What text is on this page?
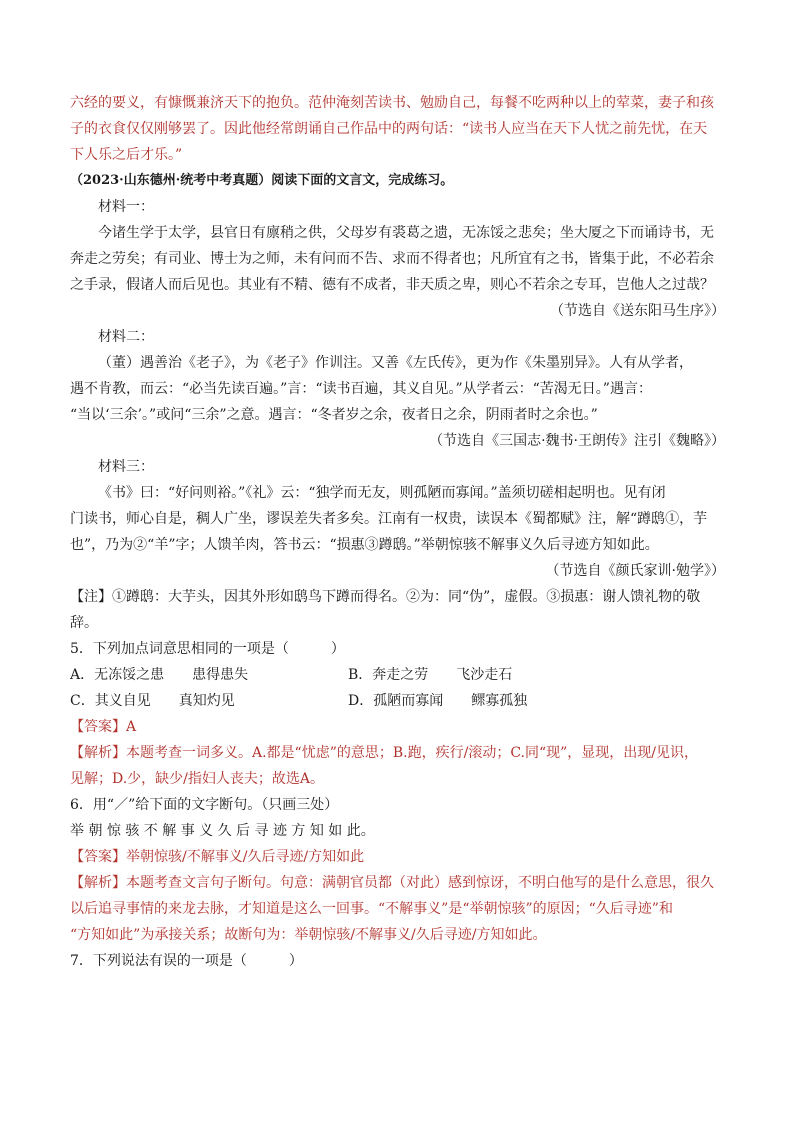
六经的要义，有慷慨兼济天下的抱负。范仲淹刻苦读书、勉励自己，每餐不吃两种以上的荤菜，妻子和孩
子的衣食仅仅刚够罢了。因此他经常朗诵自己作品中的两句话：“读书人应当在天下人忧之前先忧，在天
下人乐之后才乐。”
（2023·山东德州·统考中考真题）阅读下面的文言文，完成练习。
材料一：
今诸生学于太学，县官日有廪稍之供，父母岁有裘葛之遗，无冻馁之悲矣；坐大厦之下而诵诗书，无
奔走之劳矣；有司业、博士为之师，未有问而不告、求而不得者也；凡所宜有之书，皆集于此，不必若余
之手录，假诸人而后见也。其业有不精、德有不成者，非天质之卑，则心不若余之专耳，岂他人之过哉？
（节选自《送东阳马生序》）
材料二：
（董）遇善治《老子》，为《老子》作训注。又善《左氏传》，更为作《朱墨别异》。人有从学者，
遇不肯教，而云：“必当先读百遍。”言：“读书百遍，其义自见。”从学者云：“苦渴无日。”遇言：
“当以‘三余’。”或问“三余”之意。遇言：“冬者岁之余，夜者日之余，阴雨者时之余也。”
（节选自《三国志·魏书·王朗传》注引《魏略》）
材料三：
《书》曰：“好问则裕。”《礼》云：“独学而无友，则孤陋而寡闻。”盖须切磋相起明也。见有闭
门读书，师心自是，稠人广坐，谬误差失者多矣。江南有一权贵，读误本《蜀都赋》注，解“蹲鸱①，芋
也”，乃为②“羊”字；人馈羊肉，答书云：“损惠③蹲鸱。”举朝惊骇不解事义久后寻迹方知如此。
（节选自《颜氏家训·勉学》）
【注】①蹲鸱：大芋头，因其外形如鸱鸟下蹲而得名。②为：同“伪”，虚假。③损惠：谢人馈礼物的敬
辞。
5．下列加点词意思相同的一项是（　　　）
A．无冻馁之患　　患得患失	B．奔走之劳　　飞沙走石
C．其义自见　　真知灼见	D．孤陋而寡闻　　鳏寡孤独
【答案】A
【解析】本题考查一词多义。A.都是“忧虑”的意思；B.跑，疾行/滚动；C.同“现”，显现，出现/见识，
见解；D.少，缺少/指妇人丧夫；故选A。
6．用“／”给下面的文字断句。（只画三处）
举 朝 惊 骇 不 解 事 义 久 后 寻 迹 方 知 如 此。
【答案】举朝惊骇/不解事义/久后寻迹/方知如此
【解析】本题考查文言句子断句。句意：满朝官员都（对此）感到惊讶，不明白他写的是什么意思，很久
以后追寻事情的来龙去脉，才知道是这么一回事。“不解事义”是“举朝惊骇”的原因；“久后寻迹”和
“方知如此”为承接关系；故断句为：举朝惊骇/不解事义/久后寻迹/方知如此。
7．下列说法有误的一项是（　　　）
